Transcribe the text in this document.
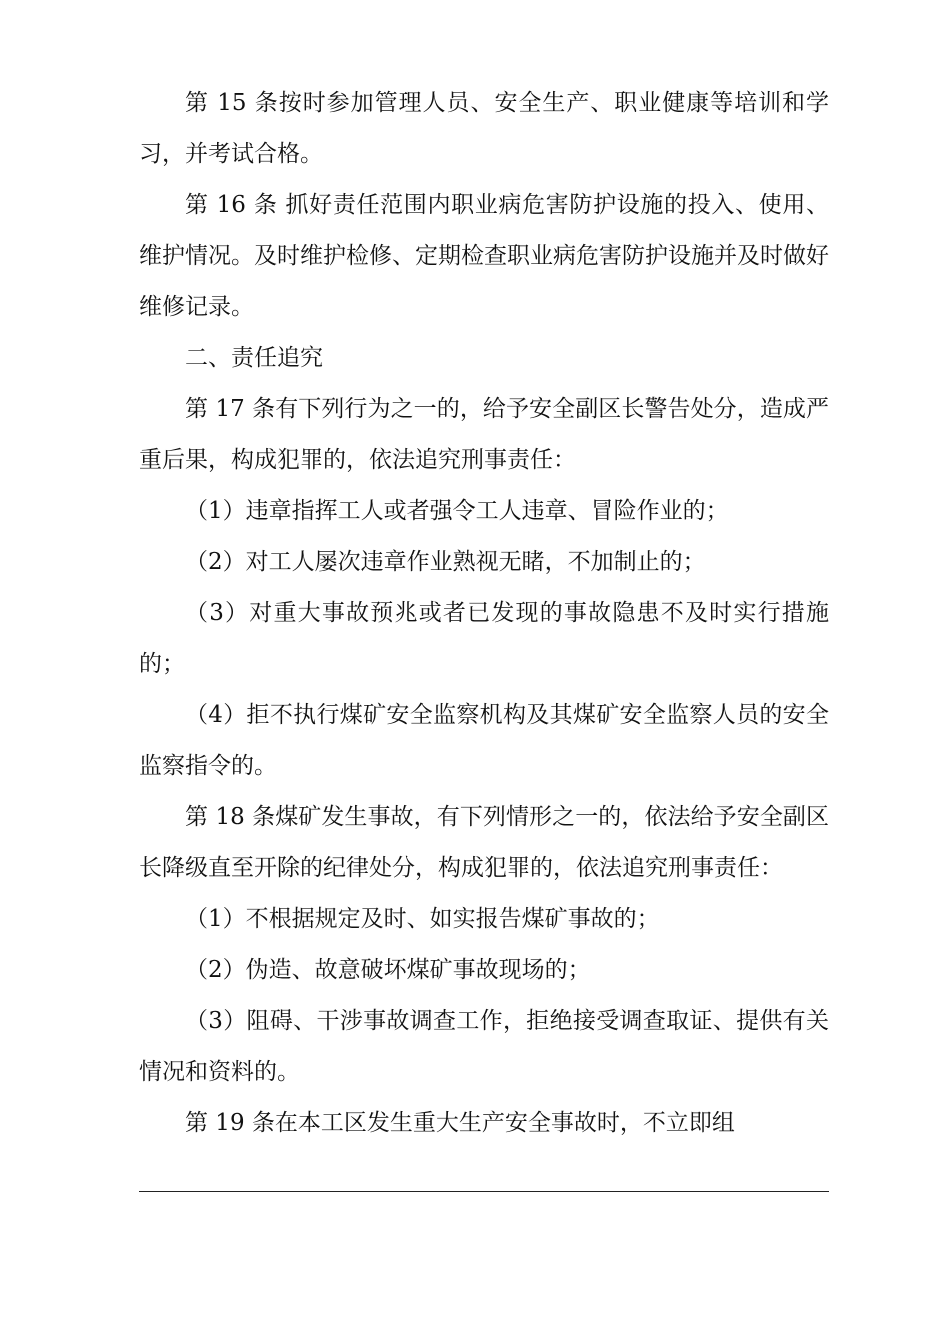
第 15 条按时参加管理人员、安全生产、职业健康等培训和学习，并考试合格。

第 16 条 抓好责任范围内职业病危害防护设施的投入、使用、维护情况。及时维护检修、定期检查职业病危害防护设施并及时做好维修记录。

二、责任追究

第 17 条有下列行为之一的，给予安全副区长警告处分，造成严重后果，构成犯罪的，依法追究刑事责任：

（1）违章指挥工人或者强令工人违章、冒险作业的；

（2）对工人屡次违章作业熟视无睹，不加制止的；

（3）对重大事故预兆或者已发现的事故隐患不及时实行措施的；

（4）拒不执行煤矿安全监察机构及其煤矿安全监察人员的安全监察指令的。

第 18 条煤矿发生事故，有下列情形之一的，依法给予安全副区长降级直至开除的纪律处分，构成犯罪的，依法追究刑事责任：

（1）不根据规定及时、如实报告煤矿事故的；

（2）伪造、故意破坏煤矿事故现场的；

（3）阻碍、干涉事故调查工作，拒绝接受调查取证、提供有关情况和资料的。

第 19 条在本工区发生重大生产安全事故时，不立即组
